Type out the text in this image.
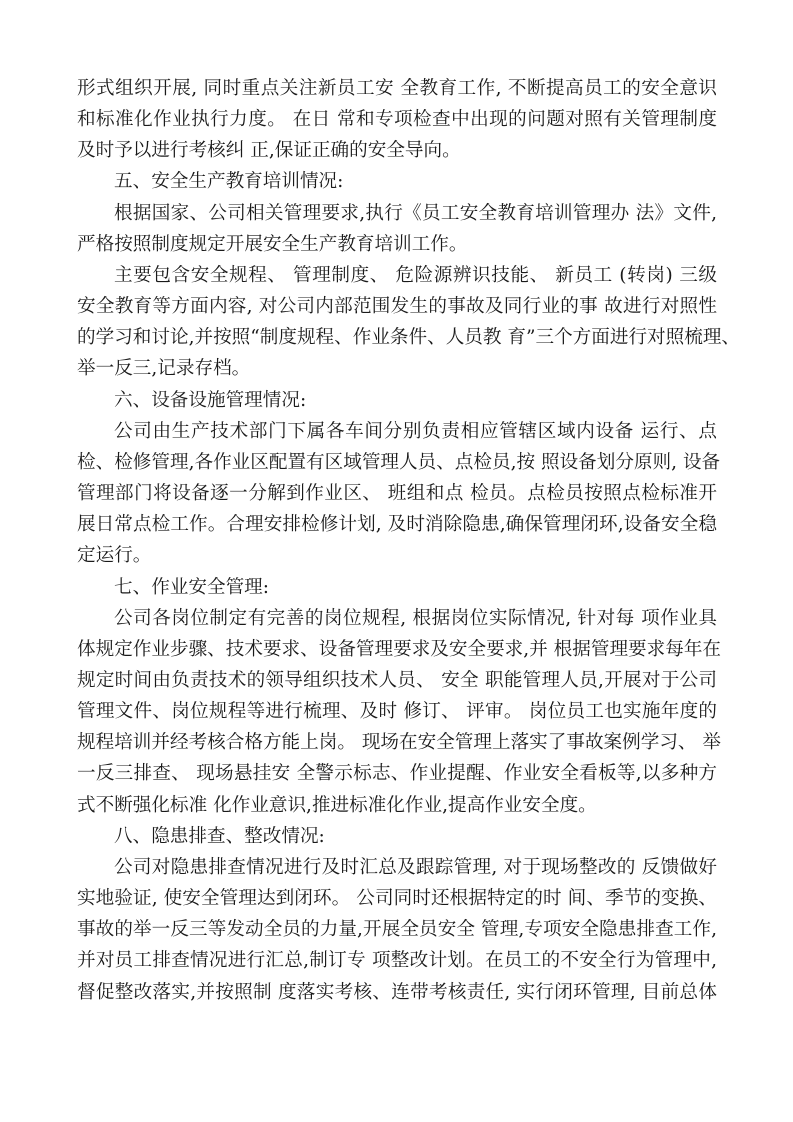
形式组织开展, 同时重点关注新员工安 全教育工作, 不断提高员工的安全意识
和标准化作业执行力度。 在日 常和专项检查中出现的问题对照有关管理制度
及时予以进行考核纠 正,保证正确的安全导向。
五、安全生产教育培训情况:
根据国家、公司相关管理要求,执行《员工安全教育培训管理办 法》文件,
严格按照制度规定开展安全生产教育培训工作。
主要包含安全规程、 管理制度、 危险源辨识技能、 新员工 (转岗) 三级
安全教育等方面内容, 对公司内部范围发生的事故及同行业的事 故进行对照性
的学习和讨论,并按照“制度规程、作业条件、人员教 育”三个方面进行对照梳理、
举一反三,记录存档。
六、设备设施管理情况:
公司由生产技术部门下属各车间分别负责相应管辖区域内设备 运行、点
检、检修管理,各作业区配置有区域管理人员、点检员,按 照设备划分原则, 设备
管理部门将设备逐一分解到作业区、 班组和点 检员。点检员按照点检标准开
展日常点检工作。合理安排检修计划, 及时消除隐患,确保管理闭环,设备安全稳
定运行。
七、作业安全管理:
公司各岗位制定有完善的岗位规程, 根据岗位实际情况, 针对每 项作业具
体规定作业步骤、技术要求、设备管理要求及安全要求,并 根据管理要求每年在
规定时间由负责技术的领导组织技术人员、 安全 职能管理人员,开展对于公司
管理文件、岗位规程等进行梳理、及时 修订、 评审。 岗位员工也实施年度的
规程培训并经考核合格方能上岗。 现场在安全管理上落实了事故案例学习、 举
一反三排查、 现场悬挂安 全警示标志、作业提醒、作业安全看板等,以多种方
式不断强化标准 化作业意识,推进标准化作业,提高作业安全度。
八、隐患排查、整改情况:
公司对隐患排查情况进行及时汇总及跟踪管理, 对于现场整改的 反馈做好
实地验证, 使安全管理达到闭环。 公司同时还根据特定的时 间、季节的变换、
事故的举一反三等发动全员的力量,开展全员安全 管理,专项安全隐患排查工作,
并对员工排查情况进行汇总,制订专 项整改计划。在员工的不安全行为管理中,
督促整改落实,并按照制 度落实考核、连带考核责任, 实行闭环管理, 目前总体
